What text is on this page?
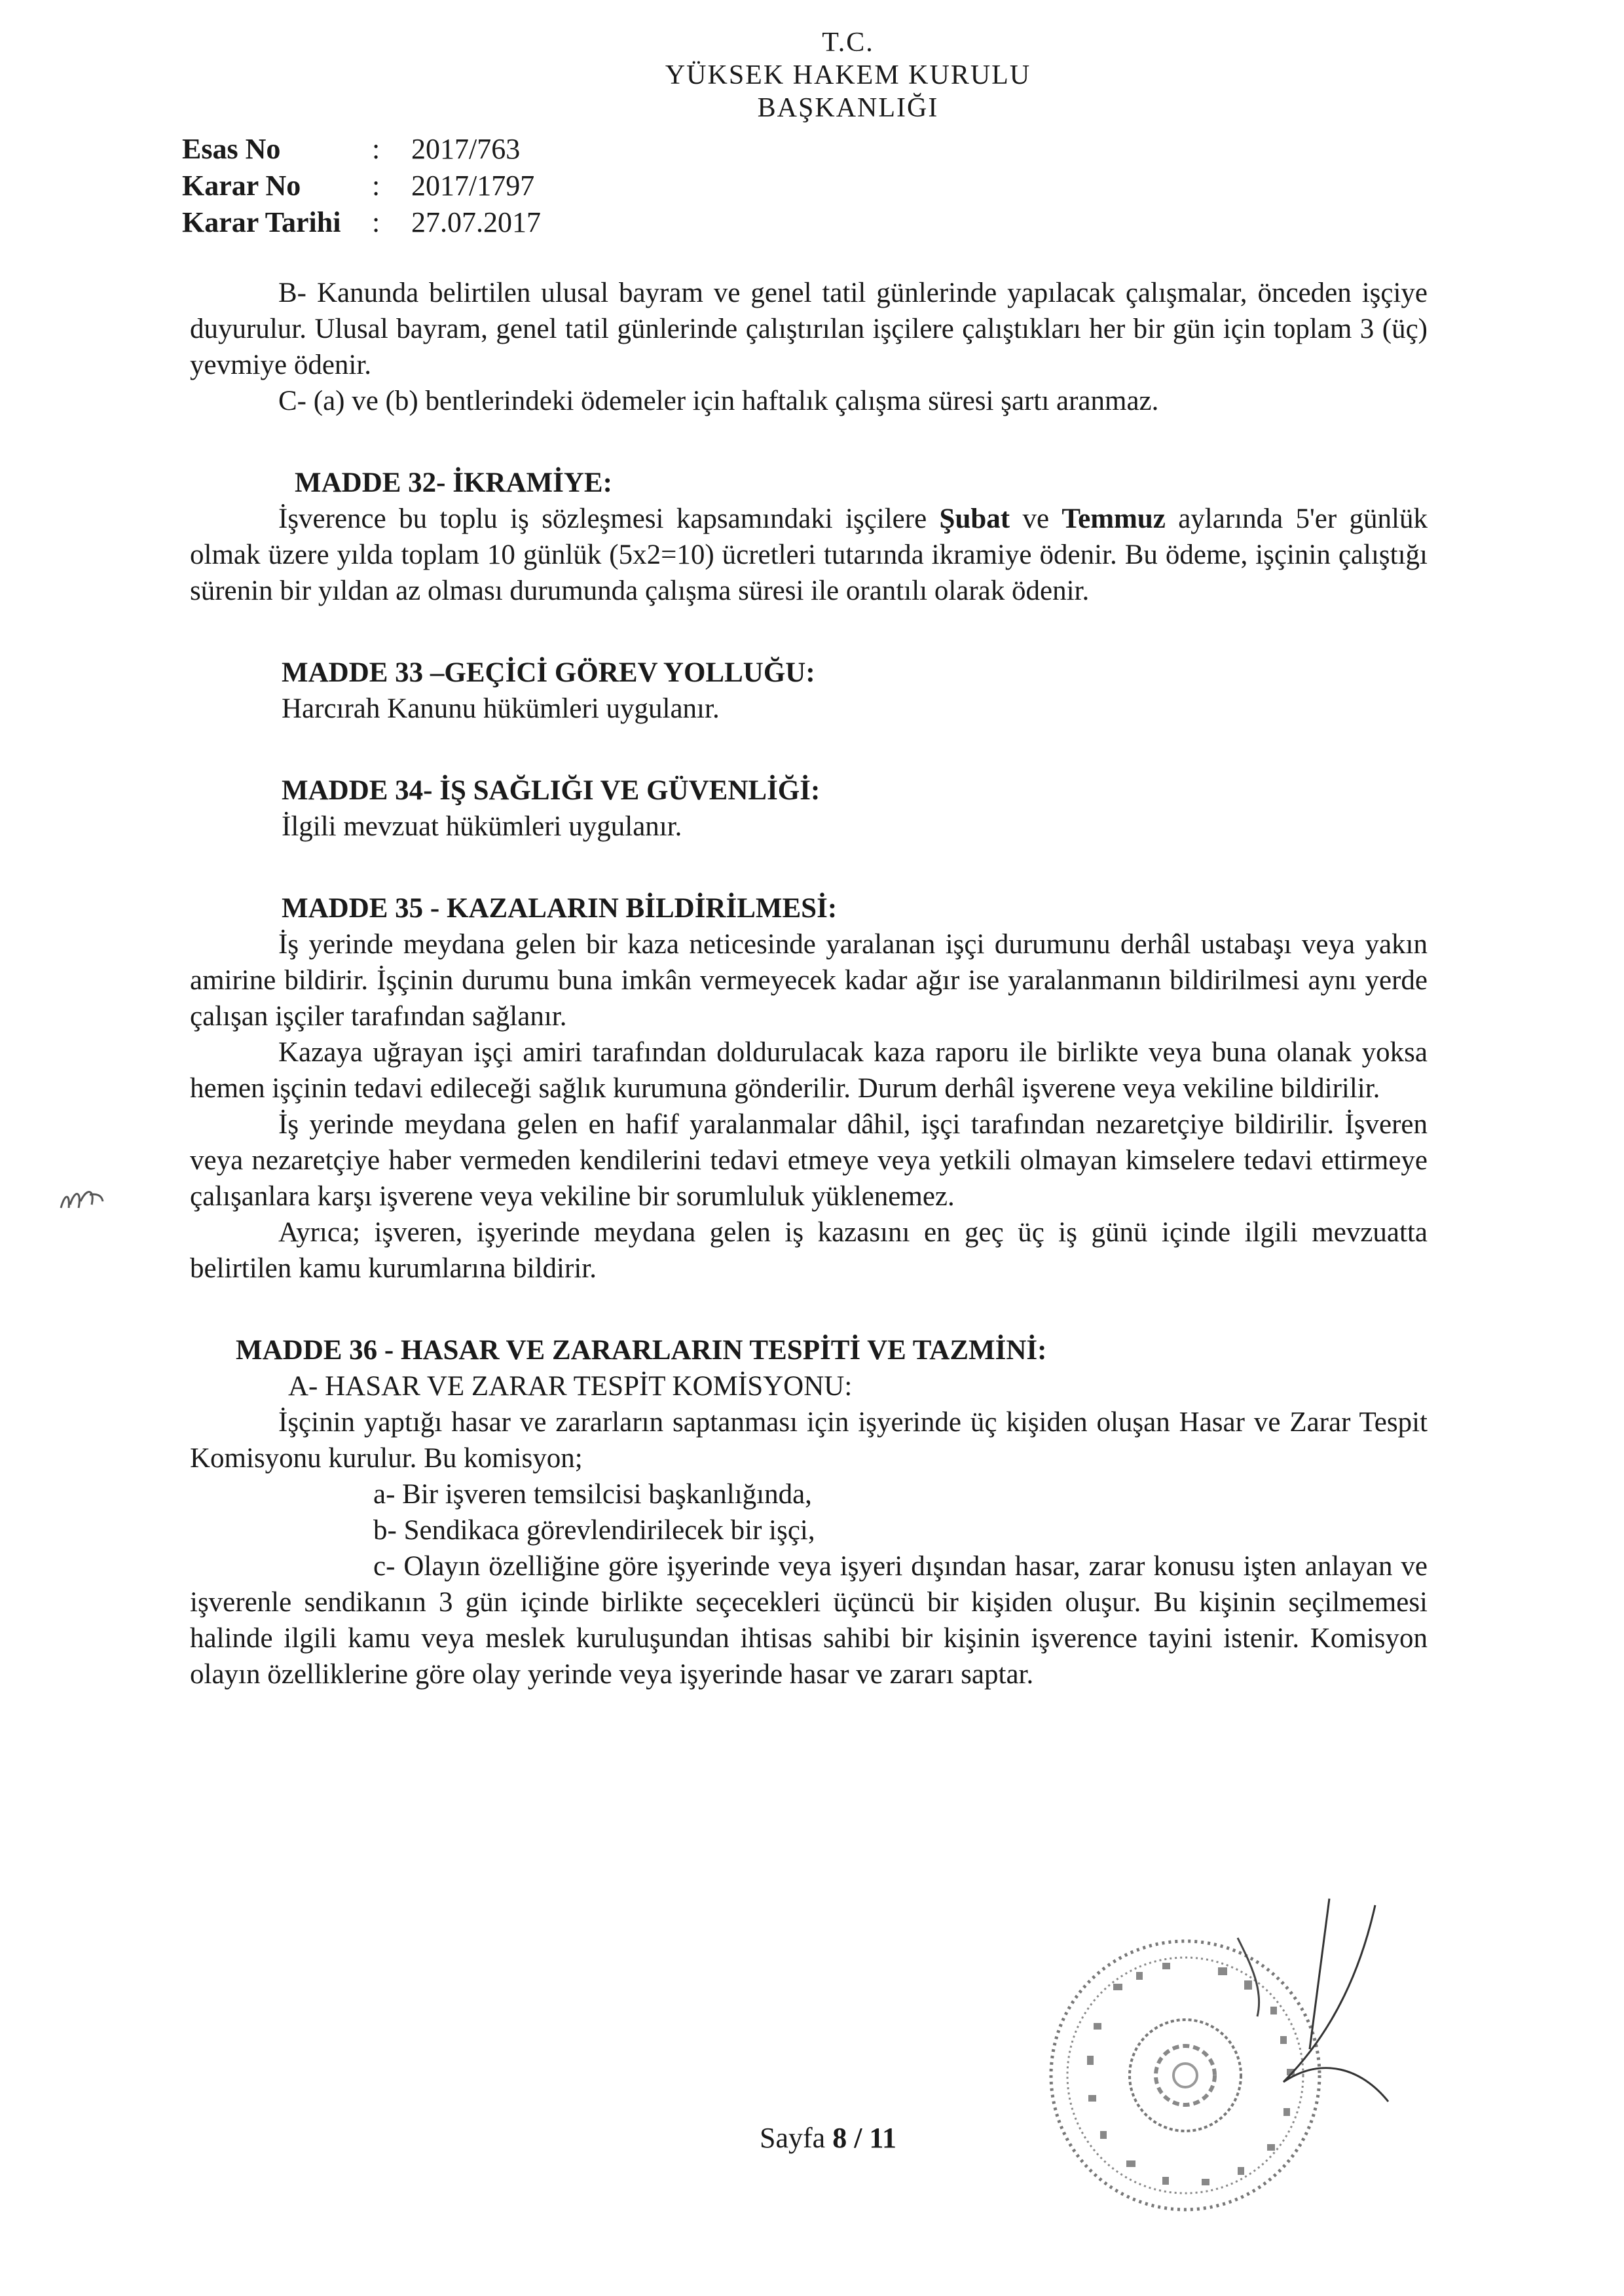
T.C.
YÜKSEK HAKEM KURULU
BAŞKANLIĞI
Esas No	:	2017/763
Karar No	:	2017/1797
Karar Tarihi	:	27.07.2017

B- Kanunda belirtilen ulusal bayram ve genel tatil günlerinde yapılacak çalışmalar, önceden işçiye duyurulur. Ulusal bayram, genel tatil günlerinde çalıştırılan işçilere çalıştıkları her bir gün için toplam 3 (üç) yevmiye ödenir.

C- (a) ve (b) bentlerindeki ödemeler için haftalık çalışma süresi şartı aranmaz.

MADDE 32- İKRAMİYE:

İşverence bu toplu iş sözleşmesi kapsamındaki işçilere Şubat ve Temmuz aylarında 5'er günlük olmak üzere yılda toplam 10 günlük (5x2=10) ücretleri tutarında ikramiye ödenir. Bu ödeme, işçinin çalıştığı sürenin bir yıldan az olması durumunda çalışma süresi ile orantılı olarak ödenir.

MADDE 33 –GEÇİCİ GÖREV YOLLUĞU:

Harcırah Kanunu hükümleri uygulanır.

MADDE 34- İŞ SAĞLIĞI VE GÜVENLİĞİ:

İlgili mevzuat hükümleri uygulanır.

MADDE 35 - KAZALARIN BİLDİRİLMESİ:

İş yerinde meydana gelen bir kaza neticesinde yaralanan işçi durumunu derhâl ustabaşı veya yakın amirine bildirir. İşçinin durumu buna imkân vermeyecek kadar ağır ise yaralanmanın bildirilmesi aynı yerde çalışan işçiler tarafından sağlanır.

Kazaya uğrayan işçi amiri tarafından doldurulacak kaza raporu ile birlikte veya buna olanak yoksa hemen işçinin tedavi edileceği sağlık kurumuna gönderilir. Durum derhâl işverene veya vekiline bildirilir.

İş yerinde meydana gelen en hafif yaralanmalar dâhil, işçi tarafından nezaretçiye bildirilir. İşveren veya nezaretçiye haber vermeden kendilerini tedavi etmeye veya yetkili olmayan kimselere tedavi ettirmeye çalışanlara karşı işverene veya vekiline bir sorumluluk yüklenemez.

Ayrıca; işveren, işyerinde meydana gelen iş kazasını en geç üç iş günü içinde ilgili mevzuatta belirtilen kamu kurumlarına bildirir.

MADDE 36 - HASAR VE ZARARLARIN TESPİTİ VE TAZMİNİ:

A- HASAR VE ZARAR TESPİT KOMİSYONU:

İşçinin yaptığı hasar ve zararların saptanması için işyerinde üç kişiden oluşan Hasar ve Zarar Tespit Komisyonu kurulur. Bu komisyon;

a- Bir işveren temsilcisi başkanlığında,

b- Sendikaca görevlendirilecek bir işçi,

c- Olayın özelliğine göre işyerinde veya işyeri dışından hasar, zarar konusu işten anlayan ve işverenle sendikanın 3 gün içinde birlikte seçecekleri üçüncü bir kişiden oluşur. Bu kişinin seçilmemesi halinde ilgili kamu veya meslek kuruluşundan ihtisas sahibi bir kişinin işverence tayini istenir. Komisyon olayın özelliklerine göre olay yerinde veya işyerinde hasar ve zararı saptar.

Sayfa 8 / 11
